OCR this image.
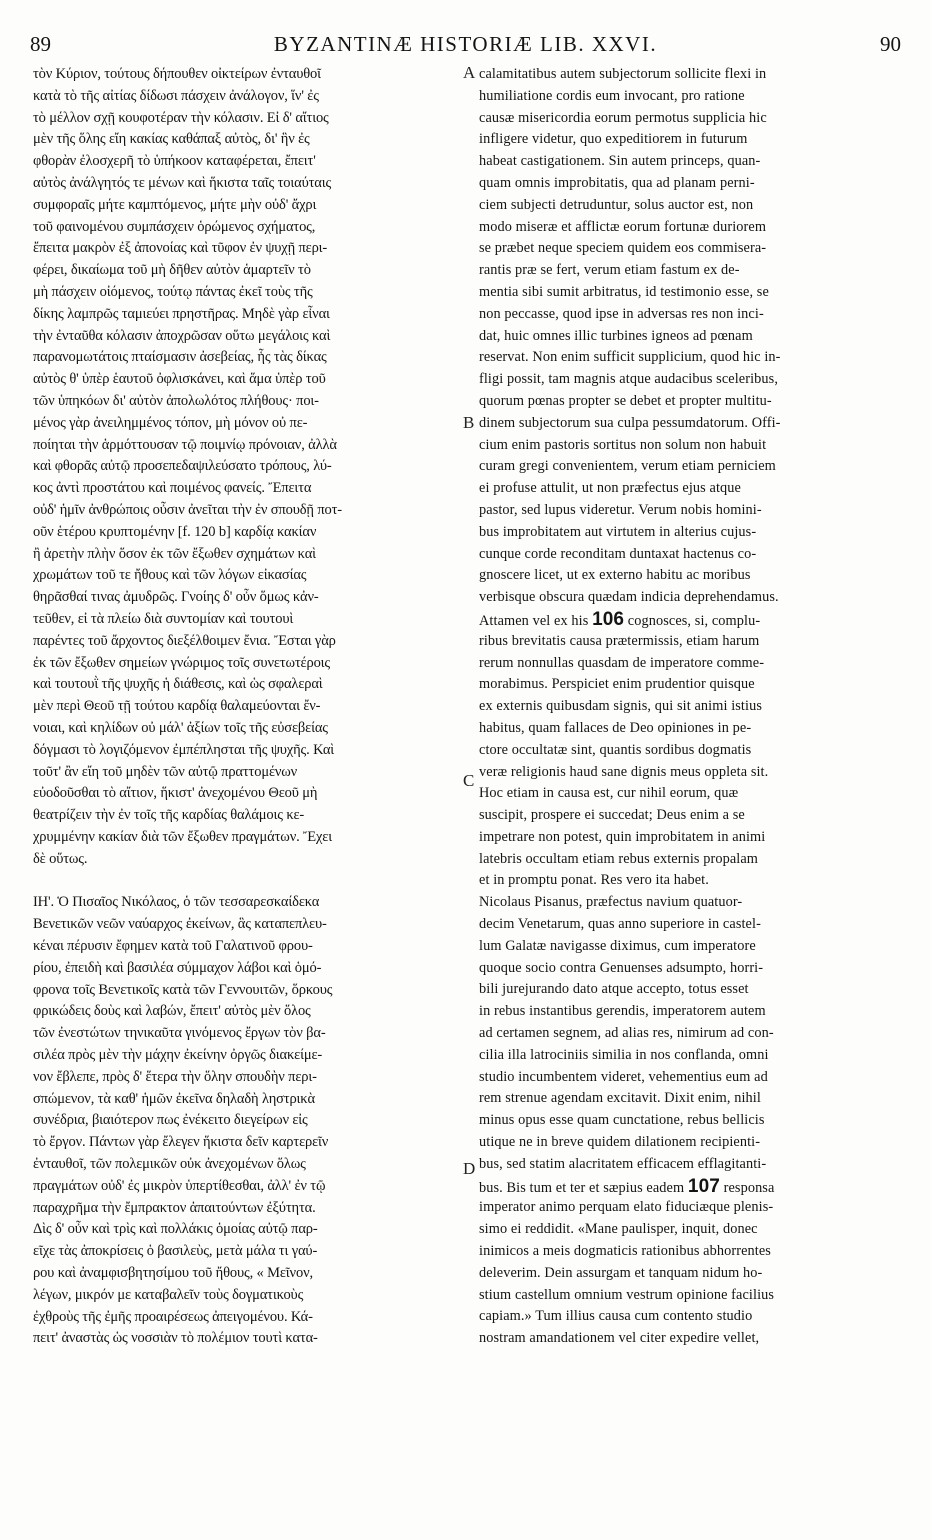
89	BYZANTINÆ HISTORIÆ LIB. XXVI.	90
τὸν Κύριον, τούτους δήπουθεν οἰκτείρων ἐνταυθοῖ
κατὰ τὸ τῆς αἰτίας δίδωσι πάσχειν ἀνάλογον, ἵν' ἐς
τὸ μέλλον σχῇ κουφοτέραν τὴν κόλασιν. Εἰ δ' αἴτιος
μὲν τῆς ὅλης εἴη κακίας καθάπαξ αὐτὸς, δι' ἣν ἐς
φθορὰν ἐλοσχερῆ τὸ ὑπήκοον καταφέρεται, ἔπειτ'
αὐτὸς ἀνάλγητός τε μένων καὶ ἥκιστα ταῖς τοιαύταις
συμφοραῖς μήτε καμπτόμενος, μήτε μὴν οὐδ' ἄχρι
τοῦ φαινομένου συμπάσχειν ὁρώμενος σχήματος,
ἔπειτα μακρὸν ἐξ ἀπονοίας καὶ τῦφον ἐν ψυχῇ περι-
φέρει, δικαίωμα τοῦ μὴ δῆθεν αὐτὸν ἁμαρτεῖν τὸ
μὴ πάσχειν οἰόμενος, τούτῳ πάντας ἐκεῖ τοὺς τῆς
δίκης λαμπρῶς ταμιεύει πρηστῆρας. Μηδὲ γὰρ εἶναι
τὴν ἐνταῦθα κόλασιν ἀποχρῶσαν οὕτω μεγάλοις καὶ
παρανομωτάτοις πταίσμασιν ἀσεβείας, ἧς τὰς δίκας
αὐτὸς θ' ὑπὲρ ἑαυτοῦ ὀφλισκάνει, καὶ ἅμα ὑπὲρ τοῦ
τῶν ὑπηκόων δι' αὐτὸν ἀπολωλότος πλήθους· ποι-
μένος γὰρ ἀνειλημμένος τόπον, μὴ μόνον οὐ πε-
ποίηται τὴν ἁρμόττουσαν τῷ ποιμνίῳ πρόνοιαν, ἀλλὰ
καὶ φθορᾶς αὐτῷ προσεπεδαψιλεύσατο τρόπους, λύ-
κος ἀντὶ προστάτου καὶ ποιμένος φανείς. Ἔπειτα
οὐδ' ἡμῖν ἀνθρώποις οὖσιν ἀνεῖται τὴν ἐν σπουδῇ ποτ-
οῦν ἑτέρου κρυπτομένην [f. 120 b] καρδίᾳ κακίαν
ἢ ἀρετὴν πλὴν ὅσον ἐκ τῶν ἔξωθεν σχημάτων καὶ
χρωμάτων τοῦ τε ἤθους καὶ τῶν λόγων εἰκασίας
θηρᾶσθαί τινας ἀμυδρῶς. Γνοίης δ' οὖν ὅμως κἀν-
τεῦθεν, εἰ τὰ πλείω διὰ συντομίαν καὶ τουτουὶ
παρέντες τοῦ ἄρχοντος διεξέλθοιμεν ἔνια. Ἔσται γὰρ
ἐκ τῶν ἔξωθεν σημείων γνώριμος τοῖς συνετωτέροις
καὶ τουτουῒ τῆς ψυχῆς ἡ διάθεσις, καὶ ὡς σφαλεραὶ
μὲν περὶ Θεοῦ τῇ τούτου καρδίᾳ θαλαμεύονται ἔν-
νοιαι, καὶ κηλίδων οὐ μάλ' ἀξίων τοῖς τῆς εὐσεβείας
δόγμασι τὸ λογιζόμενον ἐμπέπλησται τῆς ψυχῆς. Καὶ
τοῦτ' ἂν εἴη τοῦ μηδὲν τῶν αὐτῷ πραττομένων
εὐοδοῦσθαι τὸ αἴτιον, ἥκιστ' ἀνεχομένου Θεοῦ μὴ
θεατρίζειν τὴν ἐν τοῖς τῆς καρδίας θαλάμοις κε-
χρυμμένην κακίαν διὰ τῶν ἔξωθεν πραγμάτων. Ἔχει
δὲ οὕτως.
ΙΗ'. Ὁ Πισαῖος Νικόλαος, ὁ τῶν τεσσαρεσκαίδεκα
Βενετικῶν νεῶν ναύαρχος ἐκείνων, ἃς καταπεπλευ-
κέναι πέρυσιν ἔφημεν κατὰ τοῦ Γαλατινοῦ φρου-
ρίου, ἐπειδὴ καὶ βασιλέα σύμμαχον λάβοι καὶ ὁμό-
φρονα τοῖς Βενετικοῖς κατὰ τῶν Γεννουιτῶν, ὅρκους
φρικώδεις δοὺς καὶ λαβών, ἔπειτ' αὐτὸς μὲν ὅλος
τῶν ἐνεστώτων τηνικαῦτα γινόμενος ἔργων τὸν βα-
σιλέα πρὸς μὲν τὴν μάχην ἐκείνην ὀργῶς διακείμε-
νον ἔβλεπε, πρὸς δ' ἕτερα τὴν ὅλην σπουδὴν περι-
σπώμενον, τὰ καθ' ἡμῶν ἐκεῖνα δηλαδὴ ληστρικὰ
συνέδρια, βιαιότερον πως ἐνέκειτο διεγείρων εἰς
τὸ ἔργον. Πάντων γὰρ ἔλεγεν ἥκιστα δεῖν καρτερεῖν
ἐνταυθοῖ, τῶν πολεμικῶν οὐκ ἀνεχομένων ὅλως
πραγμάτων οὐδ' ἐς μικρὸν ὑπερτίθεσθαι, ἀλλ' ἐν τῷ
παραχρῆμα τὴν ἔμπρακτον ἀπαιτούντων ἐξύτητα.
Δὶς δ' οὖν καὶ τρὶς καὶ πολλάκις ὁμοίας αὐτῷ παρ-
εῖχε τὰς ἀποκρίσεις ὁ βασιλεὺς, μετὰ μάλα τι γαύ-
ρου καὶ ἀναμφισβητησίμου τοῦ ἤθους, « Μεῖνον,
λέγων, μικρόν με καταβαλεῖν τοὺς δογματικοὺς
ἐχθροὺς τῆς ἐμῆς προαιρέσεως ἀπειγομένου. Κά-
πειτ' ἀναστὰς ὡς νοσσιὰν τὸ πολέμιον τουτὶ κατα-
calamitatibus autem subjectorum sollicite flexi in
humiliatione cordis eum invocant, pro ratione
causæ misericordia eorum permotus supplicia hic
infligere videtur, quo expeditiorem in futurum
habeat castigationem. Sin autem princeps, quan-
quam omnis improbitatis, qua ad planam perni-
ciem subjecti detruduntur, solus auctor est, non
modo miseræ et afflictæ eorum fortunæ duriorem
se præbet neque speciem quidem eos commisera-
rantis præ se fert, verum etiam fastum ex de-
mentia sibi sumit arbitratus, id testimonio esse, se
non peccasse, quod ipse in adversas res non inci-
dat, huic omnes illic turbines igneos ad pœnam
reservat. Non enim sufficit supplicium, quod hic in-
fligi possit, tam magnis atque audacibus sceleribus,
quorum pœnas propter se debet et propter multitu-
dinem subjectorum sua culpa pessumdatorum. Offi-
cium enim pastoris sortitus non solum non habuit
curam gregi convenientem, verum etiam perniciem
ei profuse attulit, ut non præfectus ejus atque
pastor, sed lupus videretur. Verum nobis homini-
bus improbitatem aut virtutem in alterius cujus-
cunque corde reconditam duntaxat hactenus co-
gnoscere licet, ut ex externo habitu ac moribus
verbisque obscura quædam indicia deprehendamus.
Attamen vel ex his 106 cognosces, si, complu-
ribus brevitatis causa prætermissis, etiam harum
rerum nonnullas quasdam de imperatore comme-
morabimus. Perspiciet enim prudentior quisque
ex externis quibusdam signis, qui sit animi istius
habitus, quam fallaces de Deo opiniones in pe-
ctore occultatæ sint, quantis sordibus dogmatis
veræ religionis haud sane dignis meus oppleta sit.
Hoc etiam in causa est, cur nihil eorum, quæ
suscipit, prospere ei succedat; Deus enim a se
impetrare non potest, quin improbitatem in animi
latebris occultam etiam rebus externis propalam
et in promptu ponat. Res vero ita habet.
Nicolaus Pisanus, præfectus navium quatuor-
decim Venetarum, quas anno superiore in castel-
lum Galatæ navigasse diximus, cum imperatore
quoque socio contra Genuenses adsumpto, horri-
bili jurejurando dato atque accepto, totus esset
in rebus instantibus gerendis, imperatorem autem
ad certamen segnem, ad alias res, nimirum ad con-
cilia illa latrociniis similia in nos conflanda, omni
studio incumbentem videret, vehementius eum ad
rem strenue agendam excitavit. Dixit enim, nihil
minus opus esse quam cunctatione, rebus bellicis
utique ne in breve quidem dilationem recipienti-
bus, sed statim alacritatem efficacem efflagitanti-
bus. Bis tum et ter et sæpius eadem 107 responsa
imperator animo perquam elato fiduciæque plenis-
simo ei reddidit. «Mane paulisper, inquit, donec
inimicos a meis dogmaticis rationibus abhorrentes
deleverim. Dein assurgam et tanquam nidum ho-
stium castellum omnium vestrum opinione facilius
capiam.» Tum illius causa cum contento studio
nostram amandationem vel citer expedire vellet,
A
B
C
D
